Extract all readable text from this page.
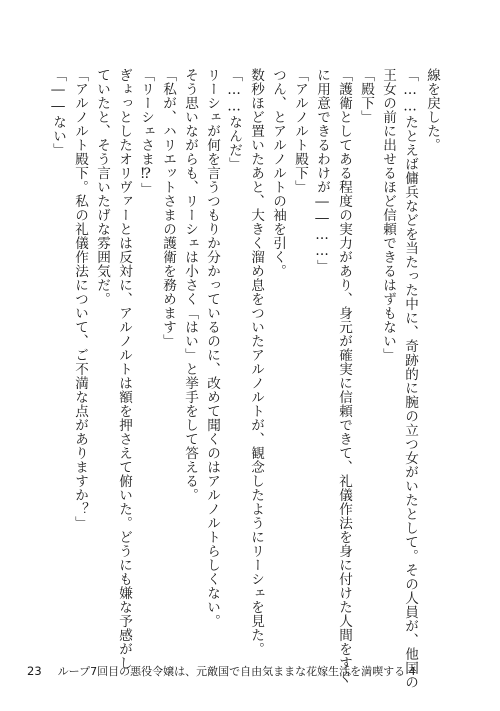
線を戻した。
「……たとえば傭兵などを当たった中に、奇跡的に腕の立つ女がいたとして。その人員が、他国の
王女の前に出せるほど信頼できるはずもない」
「殿下」
「護衛としてある程度の実力があり、身元が確実に信頼できて、礼儀作法を身に付けた人間をすぐ
に用意できるわけが――……」
「アルノルト殿下」
つん、とアルノルトの袖を引く。
数秒ほど置いたあと、大きく溜め息をついたアルノルトが、観念したようにリーシェを見た。
「……なんだ」
リーシェが何を言うつもりか分かっているのに、改めて聞くのはアルノルトらしくない。
そう思いながらも、リーシェは小さく「はい」と挙手をして答える。
「私が、ハリエットさまの護衛を務めます」
「リーシェさま⁉」
ぎょっとしたオリヴァーとは反対に、アルノルトは額を押さえて俯いた。どうにも嫌な予感がし
ていたと、そう言いたげな雰囲気だ。
「アルノルト殿下。私の礼儀作法について、ご不満な点がありますか？」
「――ない」
23 ループ7回目の悪役令嬢は、元敵国で自由気ままな花嫁生活を満喫する 4
